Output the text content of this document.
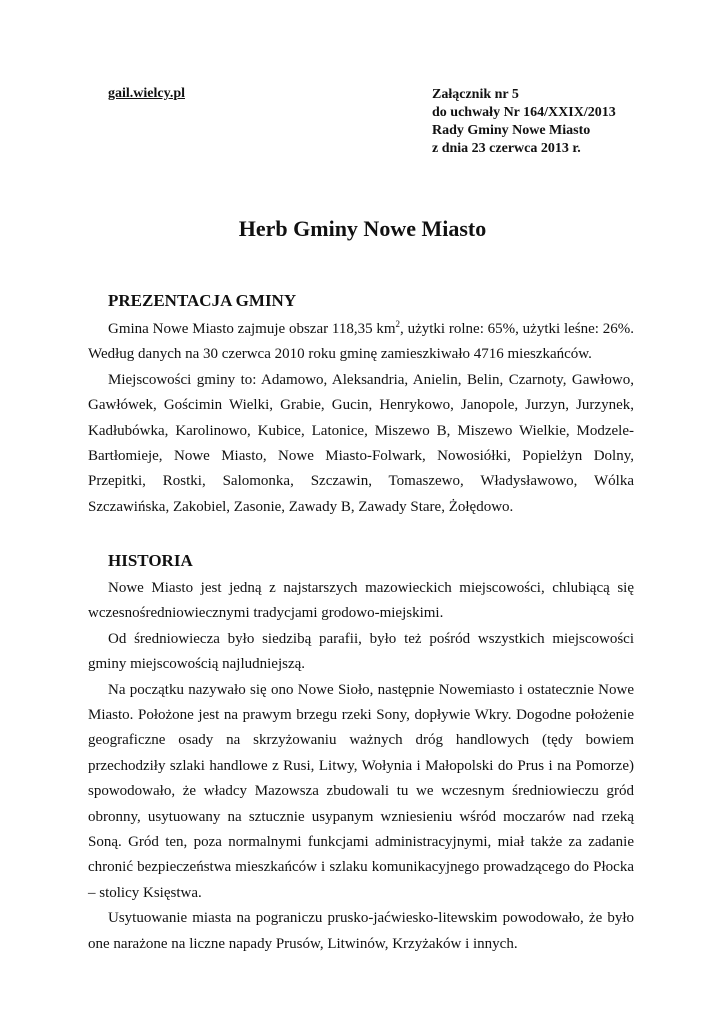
gail.wielcy.pl	Załącznik nr 5
do uchwały Nr 164/XXIX/2013
Rady Gminy Nowe Miasto
z dnia 23 czerwca 2013 r.
Herb Gminy Nowe Miasto
PREZENTACJA GMINY

Gmina Nowe Miasto zajmuje obszar 118,35 $km^2$, użytki rolne: 65%, użytki leśne: 26%. Według danych na 30 czerwca 2010 roku gminę zamieszkiwało 4716 mieszkańców.

Miejscowości gminy to: Adamowo, Aleksandria, Anielin, Belin, Czarnoty, Gawłowo, Gawłówek, Gościmin Wielki, Grabie, Gucin, Henrykowo, Janopole, Jurzyn, Jurzynek, Kadłubówka, Karolinowo, Kubice, Latonice, Miszewo B, Miszewo Wielkie, Modzele-Bartłomieje, Nowe Miasto, Nowe Miasto-Folwark, Nowosiółki, Popielżyn Dolny, Przepitki, Rostki, Salomonka, Szczawin, Tomaszewo, Władysławowo, Wólka Szczawińska, Zakobiel, Zasonie, Zawady B, Zawady Stare, Żołędowo.

HISTORIA

Nowe Miasto jest jedną z najstarszych mazowieckich miejscowości, chlubiącą się wczesnośredniowiecznymi tradycjami grodowo-miejskimi.

Od średniowiecza było siedzibą parafii, było też pośród wszystkich miejscowości gminy miejscowością najludniejszą.

Na początku nazywało się ono Nowe Sioło, następnie Nowemiasto i ostatecznie Nowe Miasto. Położone jest na prawym brzegu rzeki Sony, dopływie Wkry. Dogodne położenie geograficzne osady na skrzyżowaniu ważnych dróg handlowych (tędy bowiem przechodziły szlaki handlowe z Rusi, Litwy, Wołynia i Małopolski do Prus i na Pomorze) spowodowało, że władcy Mazowsza zbudowali tu we wczesnym średniowieczu gród obronny, usytuowany na sztucznie usypanym wzniesieniu wśród moczarów nad rzeką Soną. Gród ten, poza normalnymi funkcjami administracyjnymi, miał także za zadanie chronić bezpieczeństwa mieszkańców i szlaku komunikacyjnego prowadzącego do Płocka – stolicy Księstwa.

Usytuowanie miasta na pograniczu prusko-jaćwiesko-litewskim powodowało, że było one narażone na liczne napady Prusów, Litwinów, Krzyżaków i innych.
